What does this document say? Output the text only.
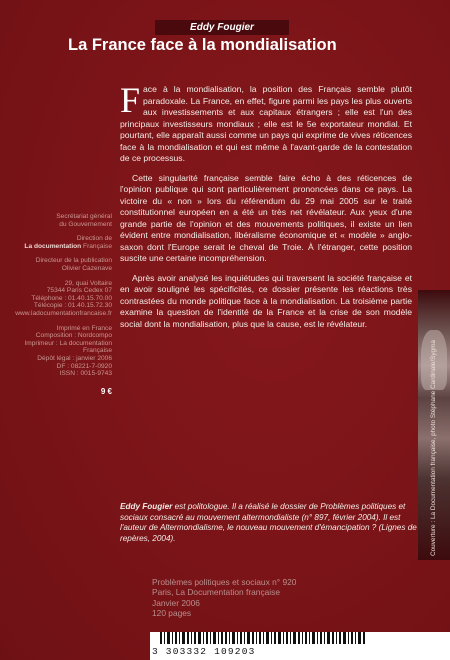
Eddy Fougier
La France face à la mondialisation

Face à la mondialisation, la position des Français semble plutôt paradoxale. La France, en effet, figure parmi les pays les plus ouverts aux investissements et aux capitaux étrangers ; elle est l'un des principaux investisseurs mondiaux ; elle est le 5e exportateur mondial. Et pourtant, elle apparaît aussi comme un pays qui exprime de vives réticences face à la mondialisation et qui est même à l'avant-garde de la contestation de ce processus.

Cette singularité française semble faire écho à des réticences de l'opinion publique qui sont particulièrement prononcées dans ce pays. La victoire du « non » lors du référendum du 29 mai 2005 sur le traité constitutionnel européen en a été un très net révélateur. Aux yeux d'une grande partie de l'opinion et des mouvements politiques, il existe un lien évident entre mondialisation, libéralisme économique et « modèle » anglo-saxon dont l'Europe serait le cheval de Troie. À l'étranger, cette position suscite une certaine incompréhension.

Après avoir analysé les inquiétudes qui traversent la société française et en avoir souligné les spécificités, ce dossier présente les réactions très contrastées du monde politique face à la mondialisation. La troisième partie examine la question de l'identité de la France et la crise de son modèle social dont la mondialisation, plus que la cause, est le révélateur.

Eddy Fougier est politologue. Il a réalisé le dossier de Problèmes politiques et sociaux consacré au mouvement altermondialiste (n° 897, février 2004). Il est l'auteur de Altermondialisme, le nouveau mouvement d'émancipation ? (Lignes de repères, 2004).
Problèmes politiques et sociaux n° 920
Paris, La Documentation française
Janvier 2006
120 pages
Secrétariat général
du Gouvernement
Direction de
La documentation Française
Directeur de la publication
Olivier Cazenave
29, quai Voltaire
75344 Paris Cedex 07
Téléphone : 01.40.15.70.00
Télécopie : 01.40.15.72.30
www.ladocumentationfrancaise.fr
Imprimé en France
Composition : Nordcompo
Imprimeur : La documentation
Française
Dépôt légal : janvier 2006
DF : 08221-7-0920
ISSN : 0015-9743
9 €	Couverture : La Documentation française, photo Stéphane Cardinale/Sygma
3 303332 109203
